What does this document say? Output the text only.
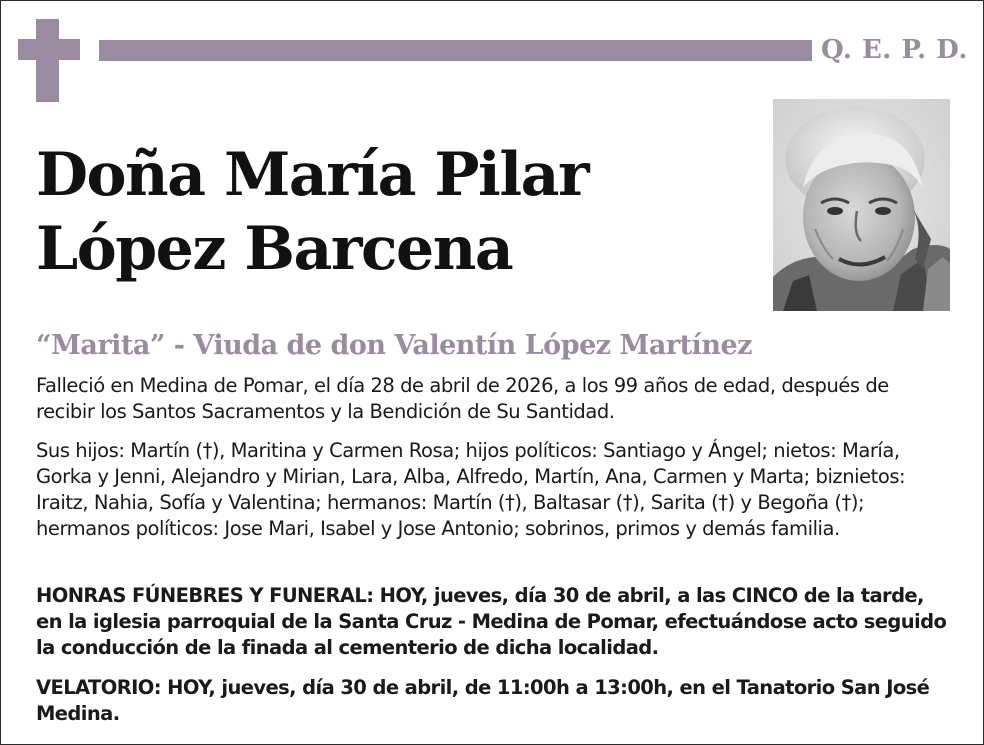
Q. E. P. D.
Doña María Pilar
López Barcena
“Marita” - Viuda de don Valentín López Martínez
Falleció en Medina de Pomar, el día 28 de abril de 2026, a los 99 años de edad, después de recibir los Santos Sacramentos y la Bendición de Su Santidad.
Sus hijos: Martín (†), Maritina y Carmen Rosa; hijos políticos: Santiago y Ángel; nietos: María, Gorka y Jenni, Alejandro y Mirian, Lara, Alba, Alfredo, Martín, Ana, Carmen y Marta; biznietos: Iraitz, Nahia, Sofía y Valentina; hermanos: Martín (†), Baltasar (†), Sarita (†) y Begoña (†); hermanos políticos: Jose Mari, Isabel y Jose Antonio; sobrinos, primos y demás familia.
HONRAS FÚNEBRES Y FUNERAL: HOY, jueves, día 30 de abril, a las CINCO de la tarde, en la iglesia parroquial de la Santa Cruz - Medina de Pomar, efectuándose acto seguido la conducción de la finada al cementerio de dicha localidad.
VELATORIO: HOY, jueves, día 30 de abril, de 11:00h a 13:00h, en el Tanatorio San José Medina.
